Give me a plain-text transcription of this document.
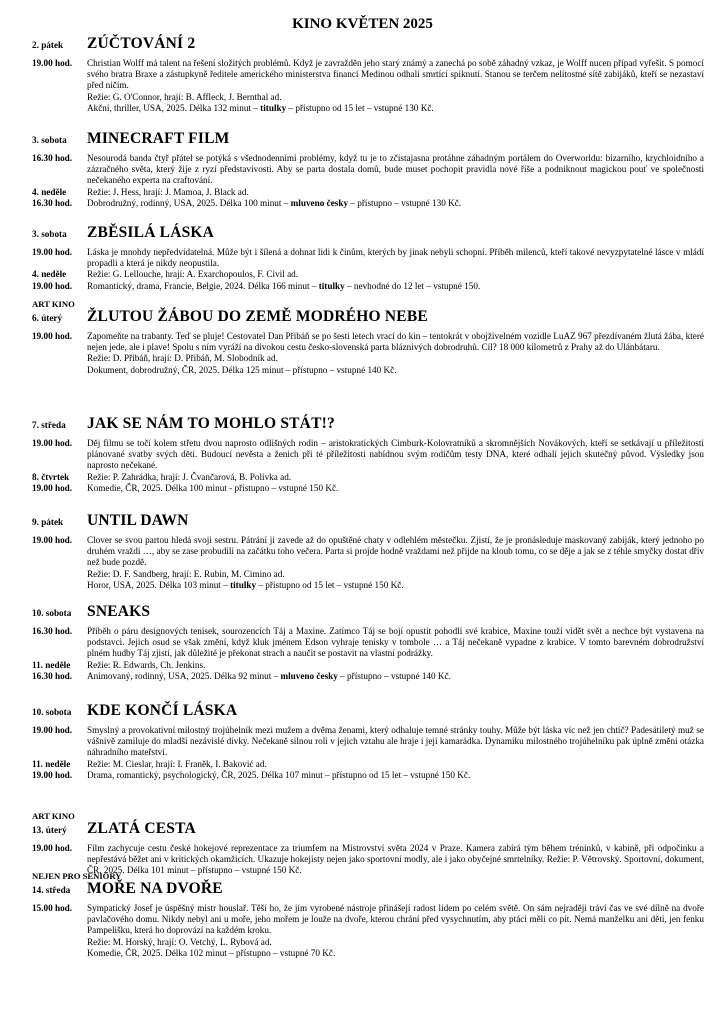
KINO KVĚTEN 2025
2. pátek	ZÚČTOVÁNÍ 2
19.00 hod.	Christian Wolff má talent na řešení složitých problémů. Když je zavražděn jeho starý známý a zanechá po sobě záhadný vzkaz, je Wolff nucen případ vyřešit. S pomocí svého bratra Braxe a zástupkyně ředitele amerického ministerstva financí Medinou odhalí smrtící spiknutí. Stanou se terčem nelítostné sítě zabijáků, kteří se nezastaví před ničím.
Režie: G. O'Connor, hrají: B. Affleck, J. Bernthal ad.
Akční, thriller, USA, 2025. Délka 132 minut – titulky – přístupno od 15 let – vstupné 130 Kč.
3. sobota	MINECRAFT FILM
16.30 hod.	Nesourodá banda čtyř přátel se potýká s všednodenními problémy, když tu je to zčistajasna protáhne záhadným portálem do Overworldu: bizarního, krychloidního a zázračného světa, který žije z ryzí představivosti. Aby se parta dostala domů, bude muset pochopit pravidla nové říše a podniknout magickou pouť ve společnosti nečekaného experta na craftování.
4. neděle	Režie: J. Hess, hrají: J. Mamoa, J. Black ad.
16.30 hod.	Dobrodružný, rodinný, USA, 2025. Délka 100 minut – mluveno česky – přístupno – vstupné 130 Kč.
3. sobota	ZBĚSILÁ LÁSKA
19.00 hod.	Láska je mnohdy nepředvídatelná. Může být i šílená a dohnat lidi k činům, kterých by jinak nebyli schopní. Příběh milenců, kteří takové nevyzpytatelné lásce v mládí propadli a která je nikdy neopustila.
4. neděle	Režie: G. Lellouche, hrají: A. Exarchopoulos, F. Civil ad.
19.00 hod.	Romantický, drama, Francie, Belgie, 2024. Délka 166 minut – titulky – nevhodné do 12 let – vstupné 150.
ART KINO
6. úterý	ŽLUTOU ŽÁBOU DO ZEMĚ MODRÉHO NEBE
19.00 hod.	Zapomeňte na trabanty. Teď se pluje! Cestovatel Dan Přibáň se po šesti letech vrací do kin – tentokrát v obojživelném vozidle LuAZ 967 přezdívaném žlutá žába, které nejen jede, ale i plave! Spolu s ním vyráží na divokou cestu česko-slovenská parta bláznivých dobrodruhů. Cíl? 18 000 kilometrů z Prahy až do Ulánbátaru.
Režie: D. Přibáň, hrají: D. Přibáň, M. Slobodník ad.
Dokument, dobrodružný, ČR, 2025. Délka 125 minut – přístupno – vstupné 140 Kč.
7. středa	JAK SE NÁM TO MOHLO STÁT!?
19.00 hod.	Děj filmu se točí kolem střetu dvou naprosto odlišných rodin – aristokratických Cimburk-Kolovratníků a skromnějších Novákových, kteří se setkávají u příležitosti plánované svatby svých dětí. Budoucí nevěsta a ženich při té příležitosti nabídnou svým rodičům testy DNA, které odhalí jejich skutečný původ. Výsledky jsou naprosto nečekané.
8. čtvrtek	Režie: P. Zahrádka, hrají: J. Čvančarová, B. Polívka ad.
19.00 hod.	Komedie, ČR, 2025. Délka 100 minut - přístupno – vstupné 150 Kč.
9. pátek	UNTIL DAWN
19.00 hod.	Clover se svou partou hledá svoji sestru. Pátrání ji zavede až do opuštěné chaty v odlehlém městečku. Zjistí, že je pronásleduje maskovaný zabiják, který jednoho po druhém vraždí …, aby se zase probudili na začátku toho večera. Parta si projde hodně vraždami než přijde na kloub tomu, co se děje a jak se z téhle smyčky dostat dřív než bude pozdě.
Režie: D. F. Sandberg, hrají: E. Rubin, M. Cimino ad.
Horor, USA, 2025. Délka 103 minut – titulky – přístupno od 15 let – vstupné 150 Kč.
10. sobota	SNEAKS
16.30 hod.	Příběh o páru designových tenisek, sourozencích Táj a Maxine. Zatímco Táj se bojí opustit pohodlí své krabice, Maxine touží vidět svět a nechce být vystavena na podstavci. Jejich osud se však změní, když kluk jménem Edson vyhraje tenisky v tombole … a Táj nečekaně vypadne z krabice. V tomto barevném dobrodružství plném hudby Táj zjistí, jak důležité je překonat strach a naučit se postavit na vlastní podrážky.
11. neděle	Režie: R. Edwards, Ch. Jenkins.
16.30 hod.	Animovaný, rodinný, USA, 2025. Délka 92 minut – mluveno česky – přístupno – vstupné 140 Kč.
10. sobota	KDE KONČÍ LÁSKA
19.00 hod.	Smyslný a provokativní milostný trojúhelník mezi mužem a dvěma ženami, který odhaluje temné stránky touhy. Může být láska víc než jen chtíč? Padesátiletý muž se vášnivě zamiluje do mladší nezávislé dívky. Nečekaně silnou roli v jejich vztahu ale hraje i její kamarádka. Dynamiku milostného trojúhelníku pak úplně změní otázka náhradního mateřství.
11. neděle	Režie: M. Cieslar, hrají: I. Franěk, I. Baković ad.
19.00 hod.	Drama, romantický, psychologický, ČR, 2025. Délka 107 minut – přístupno od 15 let – vstupné 150 Kč.
ART KINO
13. úterý	ZLATÁ CESTA
19.00 hod.	Film zachycuje cestu české hokejové reprezentace za triumfem na Mistrovství světa 2024 v Praze. Kamera zabírá tým během tréninků, v kabině, při odpočinku a nepřestává běžet ani v kritických okamžicích. Ukazuje hokejisty nejen jako sportovní modly, ale i jako obyčejné smrtelníky. Režie: P. Větrovský. Sportovní, dokument, ČR, 2025. Délka 101 minut – přístupno – vstupné 150 Kč.
NEJEN PRO SENIORY
14. středa	MOŘE NA DVOŘE
15.00 hod.	Sympatický Josef je úspěšný mistr houslař. Těší ho, že jím vyrobené nástroje přinášejí radost lidem po celém světě. On sám nejraději tráví čas ve své dílně na dvoře pavlačového domu. Nikdy nebyl ani u moře, jeho mořem je louže na dvoře, kterou chrání před vysychnutím, aby ptáci měli co pít. Nemá manželku ani děti, jen fenku Pampelišku, která ho doprovází na každém kroku.
Režie: M. Horský, hrají: O. Vetchý, L. Rybová ad.
Komedie, ČR, 2025. Délka 102 minut – přístupno – vstupné 70 Kč.
